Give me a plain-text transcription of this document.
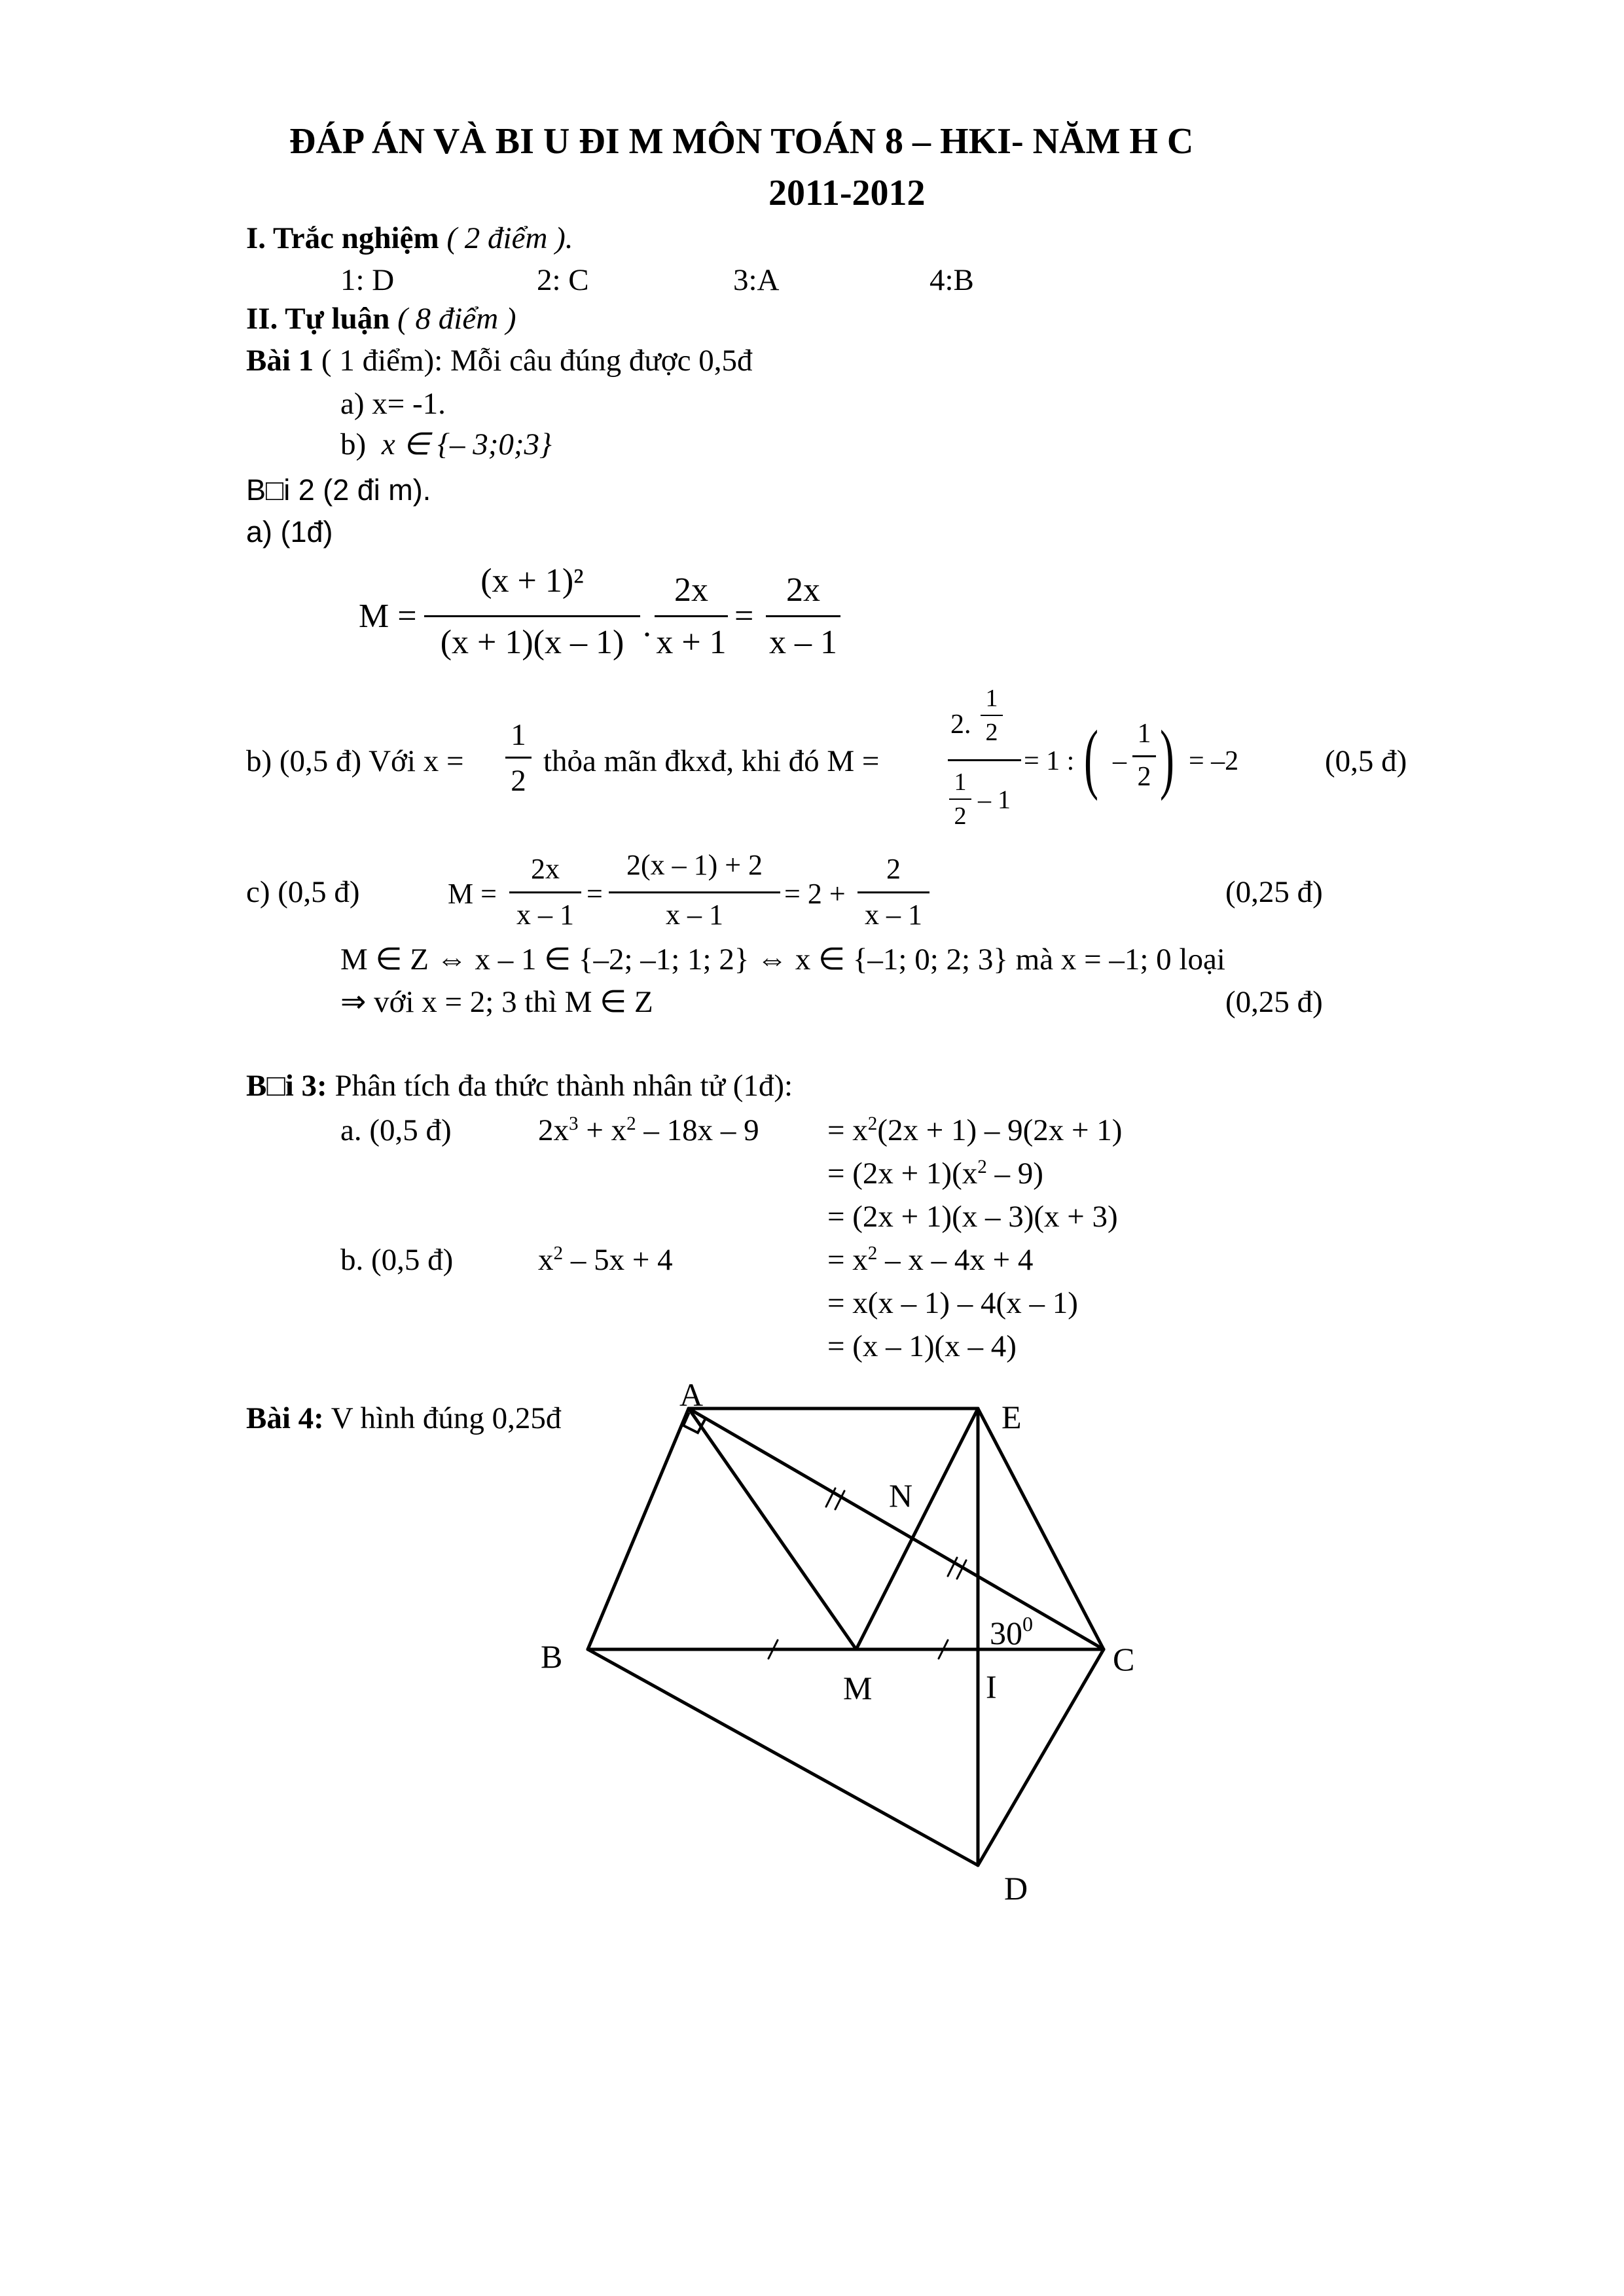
ĐÁP ÁN VÀ BI U ĐI M MÔN TOÁN 8 – HKI- NĂM H C
2011-2012
I. Trắc nghiệm ( 2 điểm ).
1: D	2: C	3:A	4:B
II. Tự luận ( 8 điểm )
Bài 1 ( 1 điểm): Mỗi câu đúng được 0,5đ
a) x= -1.
b) x ∈ {– 3;0;3}
B□i 2 (2 đi m).
a) (1đ)
M =
(x + 1)²
(x + 1)(x – 1) .
2x
x + 1
=
2x
x – 1
b) (0,5 đ) Với x =
1
2
thỏa mãn đkxđ, khi đó M =
2.
1
2
1
2
– 1
= 1 : ( –
1
2 ) = –2	(0,5 đ)
c) (0,5 đ)	M =
2x
x – 1
=
2(x – 1) + 2
x – 1
= 2 +
2
x – 1
(0,25 đ)
M ∈ Z ⇔ x – 1 ∈ {–2; –1; 1; 2} ⇔ x ∈ {–1; 0; 2; 3} mà x = –1; 0 loại
⇒ với x = 2; 3 thì M ∈ Z	(0,25 đ)
B□i 3: Phân tích đa thức thành nhân tử (1đ):
a. (0,5 đ)	$2x^3 + x^2 - 18x - 9 = x^2(2x + 1) - 9(2x + 1)$
= $(2x + 1)(x^2 - 9)$
= (2x + 1)(x – 3)(x + 3)
b. (0,5 đ)	$x^2 - 5x + 4$	= $x^2 - x - 4x + 4$
= x(x – 1) – 4(x – 1)
= (x – 1)(x – 4)
Bài 4: V hình đúng 0,25đ
A
E
N
B
M	I
C
D
$30^0$
